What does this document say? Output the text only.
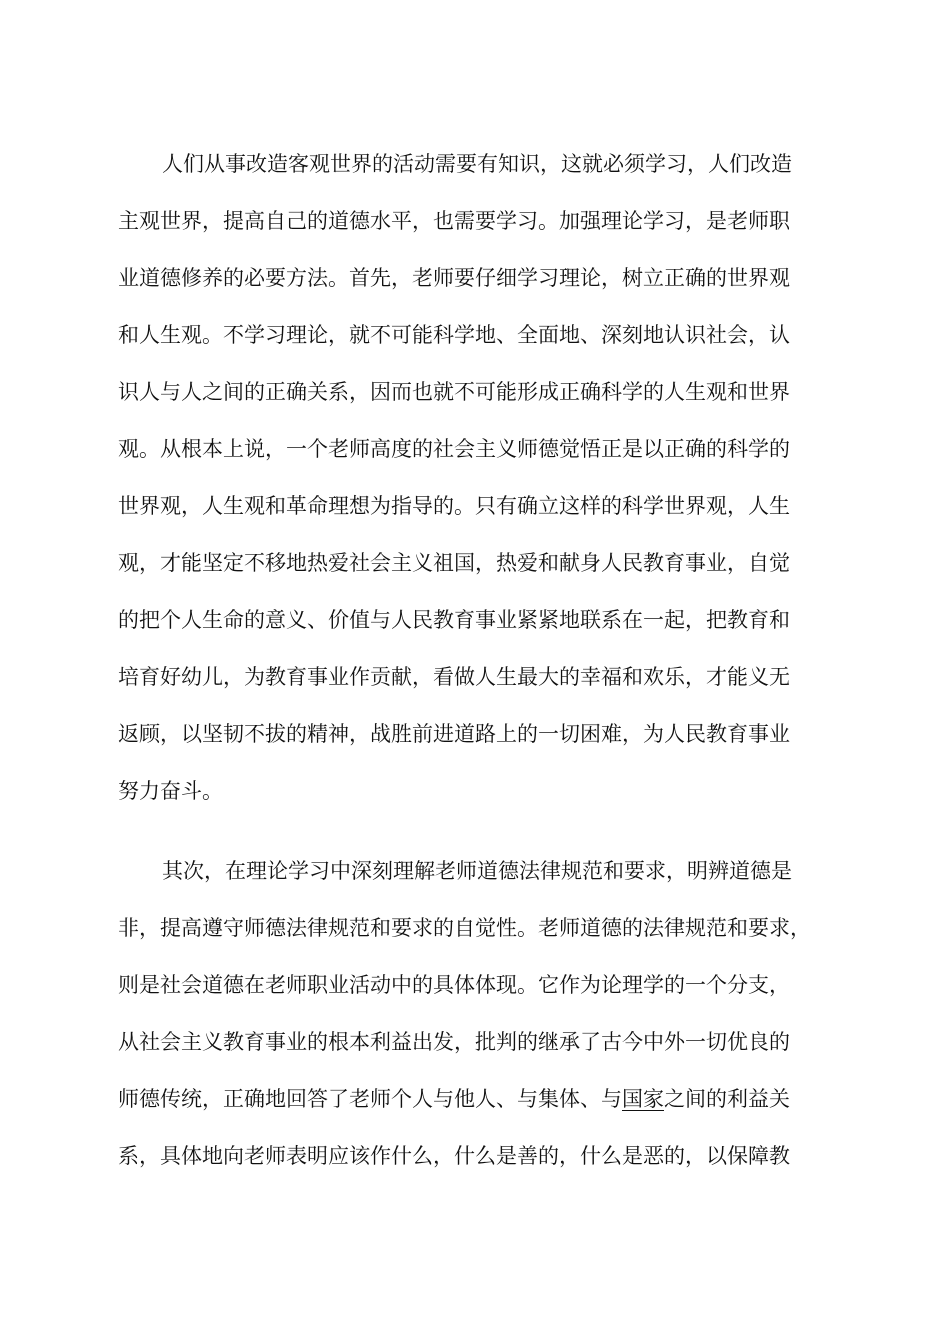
人们从事改造客观世界的活动需要有知识，这就必须学习，人们改造
主观世界，提高自己的道德水平，也需要学习。加强理论学习，是老师职
业道德修养的必要方法。首先，老师要仔细学习理论，树立正确的世界观
和人生观。不学习理论，就不可能科学地、全面地、深刻地认识社会，认
识人与人之间的正确关系，因而也就不可能形成正确科学的人生观和世界
观。从根本上说，一个老师高度的社会主义师德觉悟正是以正确的科学的
世界观，人生观和革命理想为指导的。只有确立这样的科学世界观，人生
观，才能坚定不移地热爱社会主义祖国，热爱和献身人民教育事业，自觉
的把个人生命的意义、价值与人民教育事业紧紧地联系在一起，把教育和
培育好幼儿，为教育事业作贡献，看做人生最大的幸福和欢乐，才能义无
返顾，以坚韧不拔的精神，战胜前进道路上的一切困难，为人民教育事业
努力奋斗。
其次，在理论学习中深刻理解老师道德法律规范和要求，明辨道德是
非，提高遵守师德法律规范和要求的自觉性。老师道德的法律规范和要求，
则是社会道德在老师职业活动中的具体体现。它作为论理学的一个分支，
从社会主义教育事业的根本利益出发，批判的继承了古今中外一切优良的
师德传统，正确地回答了老师个人与他人、与集体、与国家之间的利益关
系，具体地向老师表明应该作什么，什么是善的，什么是恶的，以保障教
